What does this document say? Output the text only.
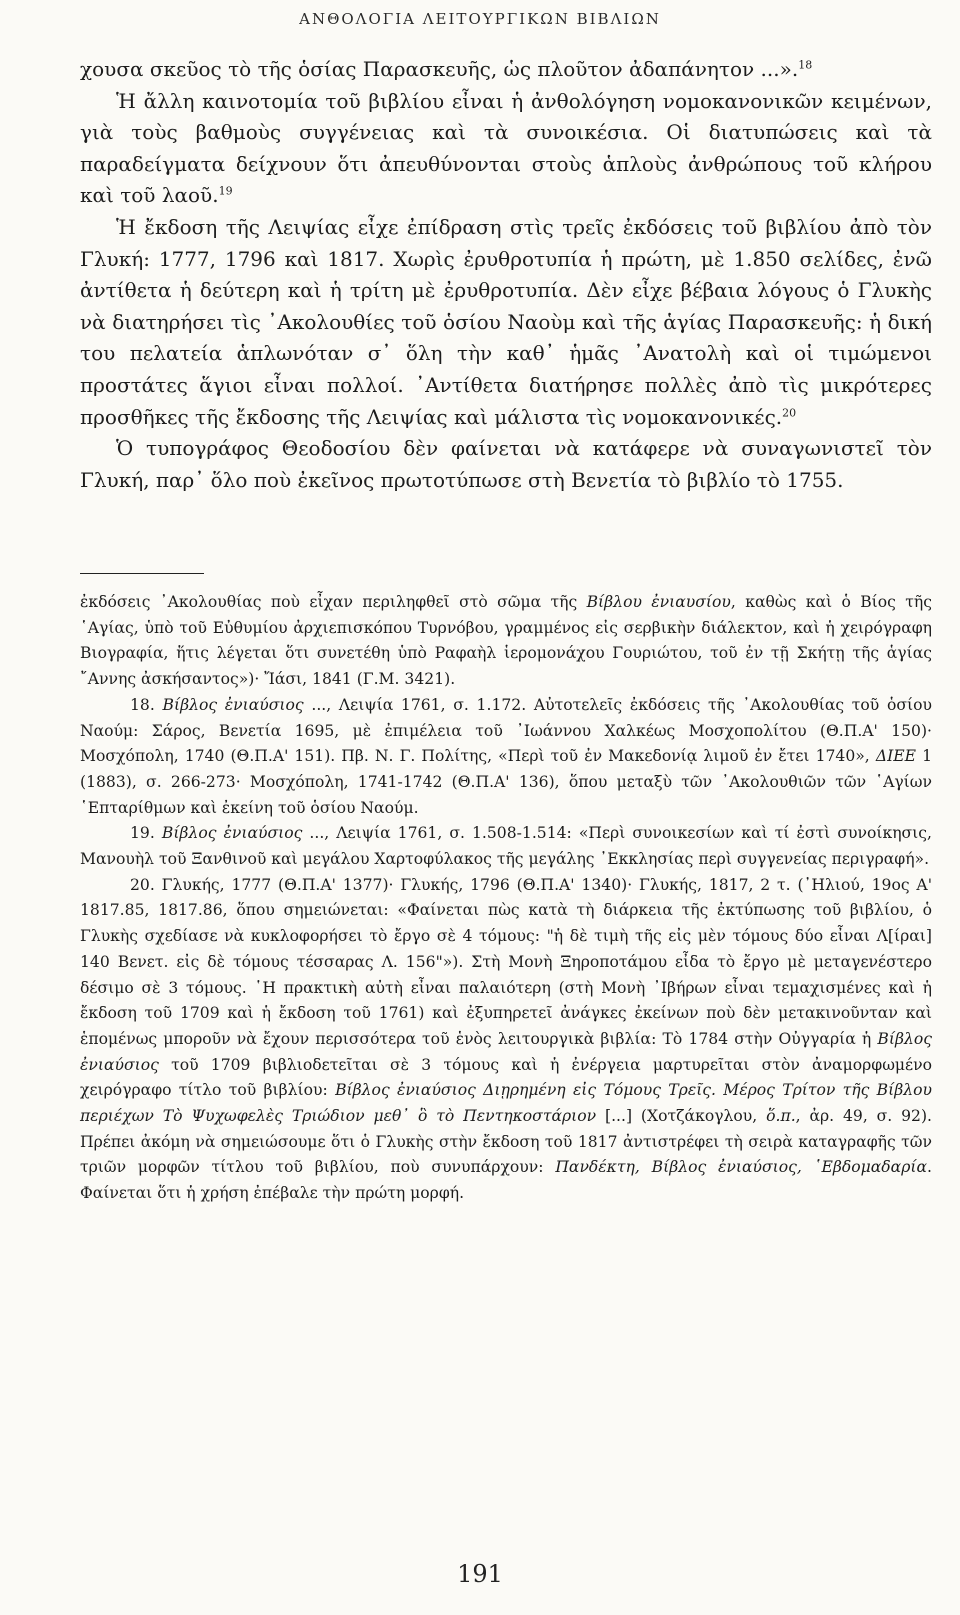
ΑΝΘΟΛΟΓΙΑ ΛΕΙΤΟΥΡΓΙΚΩΝ ΒΙΒΛΙΩΝ

χουσα σκεῦος τὸ τῆς ὁσίας Παρασκευῆς, ὡς πλοῦτον ἀδαπάνητον ...».$^{18}$

Ἡ ἄλλη καινοτομία τοῦ βιβλίου εἶναι ἡ ἀνθολόγηση νομοκανονικῶν κειμένων, γιὰ τοὺς βαθμοὺς συγγένειας καὶ τὰ συνοικέσια. Οἱ διατυπώσεις καὶ τὰ παραδείγματα δείχνουν ὅτι ἀπευθύνονται στοὺς ἁπλοὺς ἀνθρώπους τοῦ κλήρου καὶ τοῦ λαοῦ.$^{19}$

Ἡ ἔκδοση τῆς Λειψίας εἶχε ἐπίδραση στὶς τρεῖς ἐκδόσεις τοῦ βιβλίου ἀπὸ τὸν Γλυκή: 1777, 1796 καὶ 1817. Χωρὶς ἐρυθροτυπία ἡ πρώτη, μὲ 1.850 σελίδες, ἐνῶ ἀντίθετα ἡ δεύτερη καὶ ἡ τρίτη μὲ ἐρυθροτυπία. Δὲν εἶχε βέβαια λόγους ὁ Γλυκὴς νὰ διατηρήσει τὶς ᾿Ακολουθίες τοῦ ὁσίου Ναοὺμ καὶ τῆς ἁγίας Παρασκευῆς: ἡ δική του πελατεία ἁπλωνόταν σ᾿ ὅλη τὴν καθ᾿ ἡμᾶς ᾿Ανατολὴ καὶ οἱ τιμώμενοι προστάτες ἅγιοι εἶναι πολλοί. ᾿Αντίθετα διατήρησε πολλὲς ἀπὸ τὶς μικρότερες προσθῆκες τῆς ἔκδοσης τῆς Λειψίας καὶ μάλιστα τὶς νομοκανονικές.$^{20}$

Ὁ τυπογράφος Θεοδοσίου δὲν φαίνεται νὰ κατάφερε νὰ συναγωνιστεῖ τὸν Γλυκή, παρ᾿ ὅλο ποὺ ἐκεῖνος πρωτοτύπωσε στὴ Βενετία τὸ βιβλίο τὸ 1755.

ἐκδόσεις ᾿Ακολουθίας ποὺ εἶχαν περιληφθεῖ στὸ σῶμα τῆς Βίβλου ἐνιαυσίου, καθὼς καὶ ὁ Βίος τῆς ῾Αγίας, ὑπὸ τοῦ Εὐθυμίου ἀρχιεπισκόπου Τυρνόβου, γραμμένος εἰς σερβικὴν διάλεκτον, καὶ ἡ χειρόγραφη Βιογραφία, ἥτις λέγεται ὅτι συνετέθη ὑπὸ Ραφαὴλ ἱερομονάχου Γουριώτου, τοῦ ἐν τῇ Σκήτῃ τῆς ἁγίας ῎Αννης ἀσκήσαντος»)· Ἴάσι, 1841 (Γ.Μ. 3421).

18. Βίβλος ἐνιαύσιος ..., Λειψία 1761, σ. 1.172. Αὐτοτελεῖς ἐκδόσεις τῆς ᾿Ακολουθίας τοῦ ὁσίου Ναούμ: Σάρος, Βενετία 1695, μὲ ἐπιμέλεια τοῦ ᾿Ιωάννου Χαλκέως Μοσχοπολίτου (Θ.Π.Α' 150)· Μοσχόπολη, 1740 (Θ.Π.Α' 151). Πβ. Ν. Γ. Πολίτης, «Περὶ τοῦ ἐν Μακεδονίᾳ λιμοῦ ἐν ἔτει 1740», ΔΙΕΕ 1 (1883), σ. 266-273· Μοσχόπολη, 1741-1742 (Θ.Π.Α' 136), ὅπου μεταξὺ τῶν ᾿Ακολουθιῶν τῶν ῾Αγίων ῾Επταρίθμων καὶ ἐκείνη τοῦ ὁσίου Ναούμ.

19. Βίβλος ἐνιαύσιος ..., Λειψία 1761, σ. 1.508-1.514: «Περὶ συνοικεσίων καὶ τί ἐστὶ συνοίκησις, Μανουὴλ τοῦ Ξανθινοῦ καὶ μεγάλου Χαρτοφύλακος τῆς μεγάλης ᾿Εκκλησίας περὶ συγγενείας περιγραφή».

20. Γλυκής, 1777 (Θ.Π.Α' 1377)· Γλυκής, 1796 (Θ.Π.Α' 1340)· Γλυκής, 1817, 2 τ. (᾿Ηλιού, 19ος Α' 1817.85, 1817.86, ὅπου σημειώνεται: «Φαίνεται πὼς κατὰ τὴ διάρκεια τῆς ἐκτύπωσης τοῦ βιβλίου, ὁ Γλυκὴς σχεδίασε νὰ κυκλοφορήσει τὸ ἔργο σὲ 4 τόμους: "ἡ δὲ τιμὴ τῆς εἰς μὲν τόμους δύο εἶναι Λ[ίραι] 140 Βενετ. εἰς δὲ τόμους τέσσαρας Λ. 156"»). Στὴ Μονὴ Ξηροποτάμου εἶδα τὸ ἔργο μὲ μεταγενέστερο δέσιμο σὲ 3 τόμους. ῾Η πρακτικὴ αὐτὴ εἶναι παλαιότερη (στὴ Μονὴ ᾿Ιβήρων εἶναι τεμαχισμένες καὶ ἡ ἔκδοση τοῦ 1709 καὶ ἡ ἔκδοση τοῦ 1761) καὶ ἐξυπηρετεῖ ἀνάγκες ἐκείνων ποὺ δὲν μετακινοῦνταν καὶ ἑπομένως μποροῦν νὰ ἔχουν περισσότερα τοῦ ἑνὸς λειτουργικὰ βιβλία: Τὸ 1784 στὴν Οὐγγαρία ἡ Βίβλος ἐνιαύσιος τοῦ 1709 βιβλιοδετεῖται σὲ 3 τόμους καὶ ἡ ἐνέργεια μαρτυρεῖται στὸν ἀναμορφωμένο χειρόγραφο τίτλο τοῦ βιβλίου: Βίβλος ἐνιαύσιος Διῃρημένη εἰς Τόμους Τρεῖς. Μέρος Τρίτον τῆς Βίβλου περιέχων Τὸ Ψυχωφελὲς Τριώδιον μεθ᾿ ὃ τὸ Πεντηκοστάριον [...] (Χοτζάκογλου, ὅ.π., ἀρ. 49, σ. 92). Πρέπει ἀκόμη νὰ σημειώσουμε ὅτι ὁ Γλυκὴς στὴν ἔκδοση τοῦ 1817 ἀντιστρέφει τὴ σειρὰ καταγραφῆς τῶν τριῶν μορφῶν τίτλου τοῦ βιβλίου, ποὺ συνυπάρχουν: Πανδέκτη, Βίβλος ἐνιαύσιος, ῾Εβδομαδαρία. Φαίνεται ὅτι ἡ χρήση ἐπέβαλε τὴν πρώτη μορφή.

191
